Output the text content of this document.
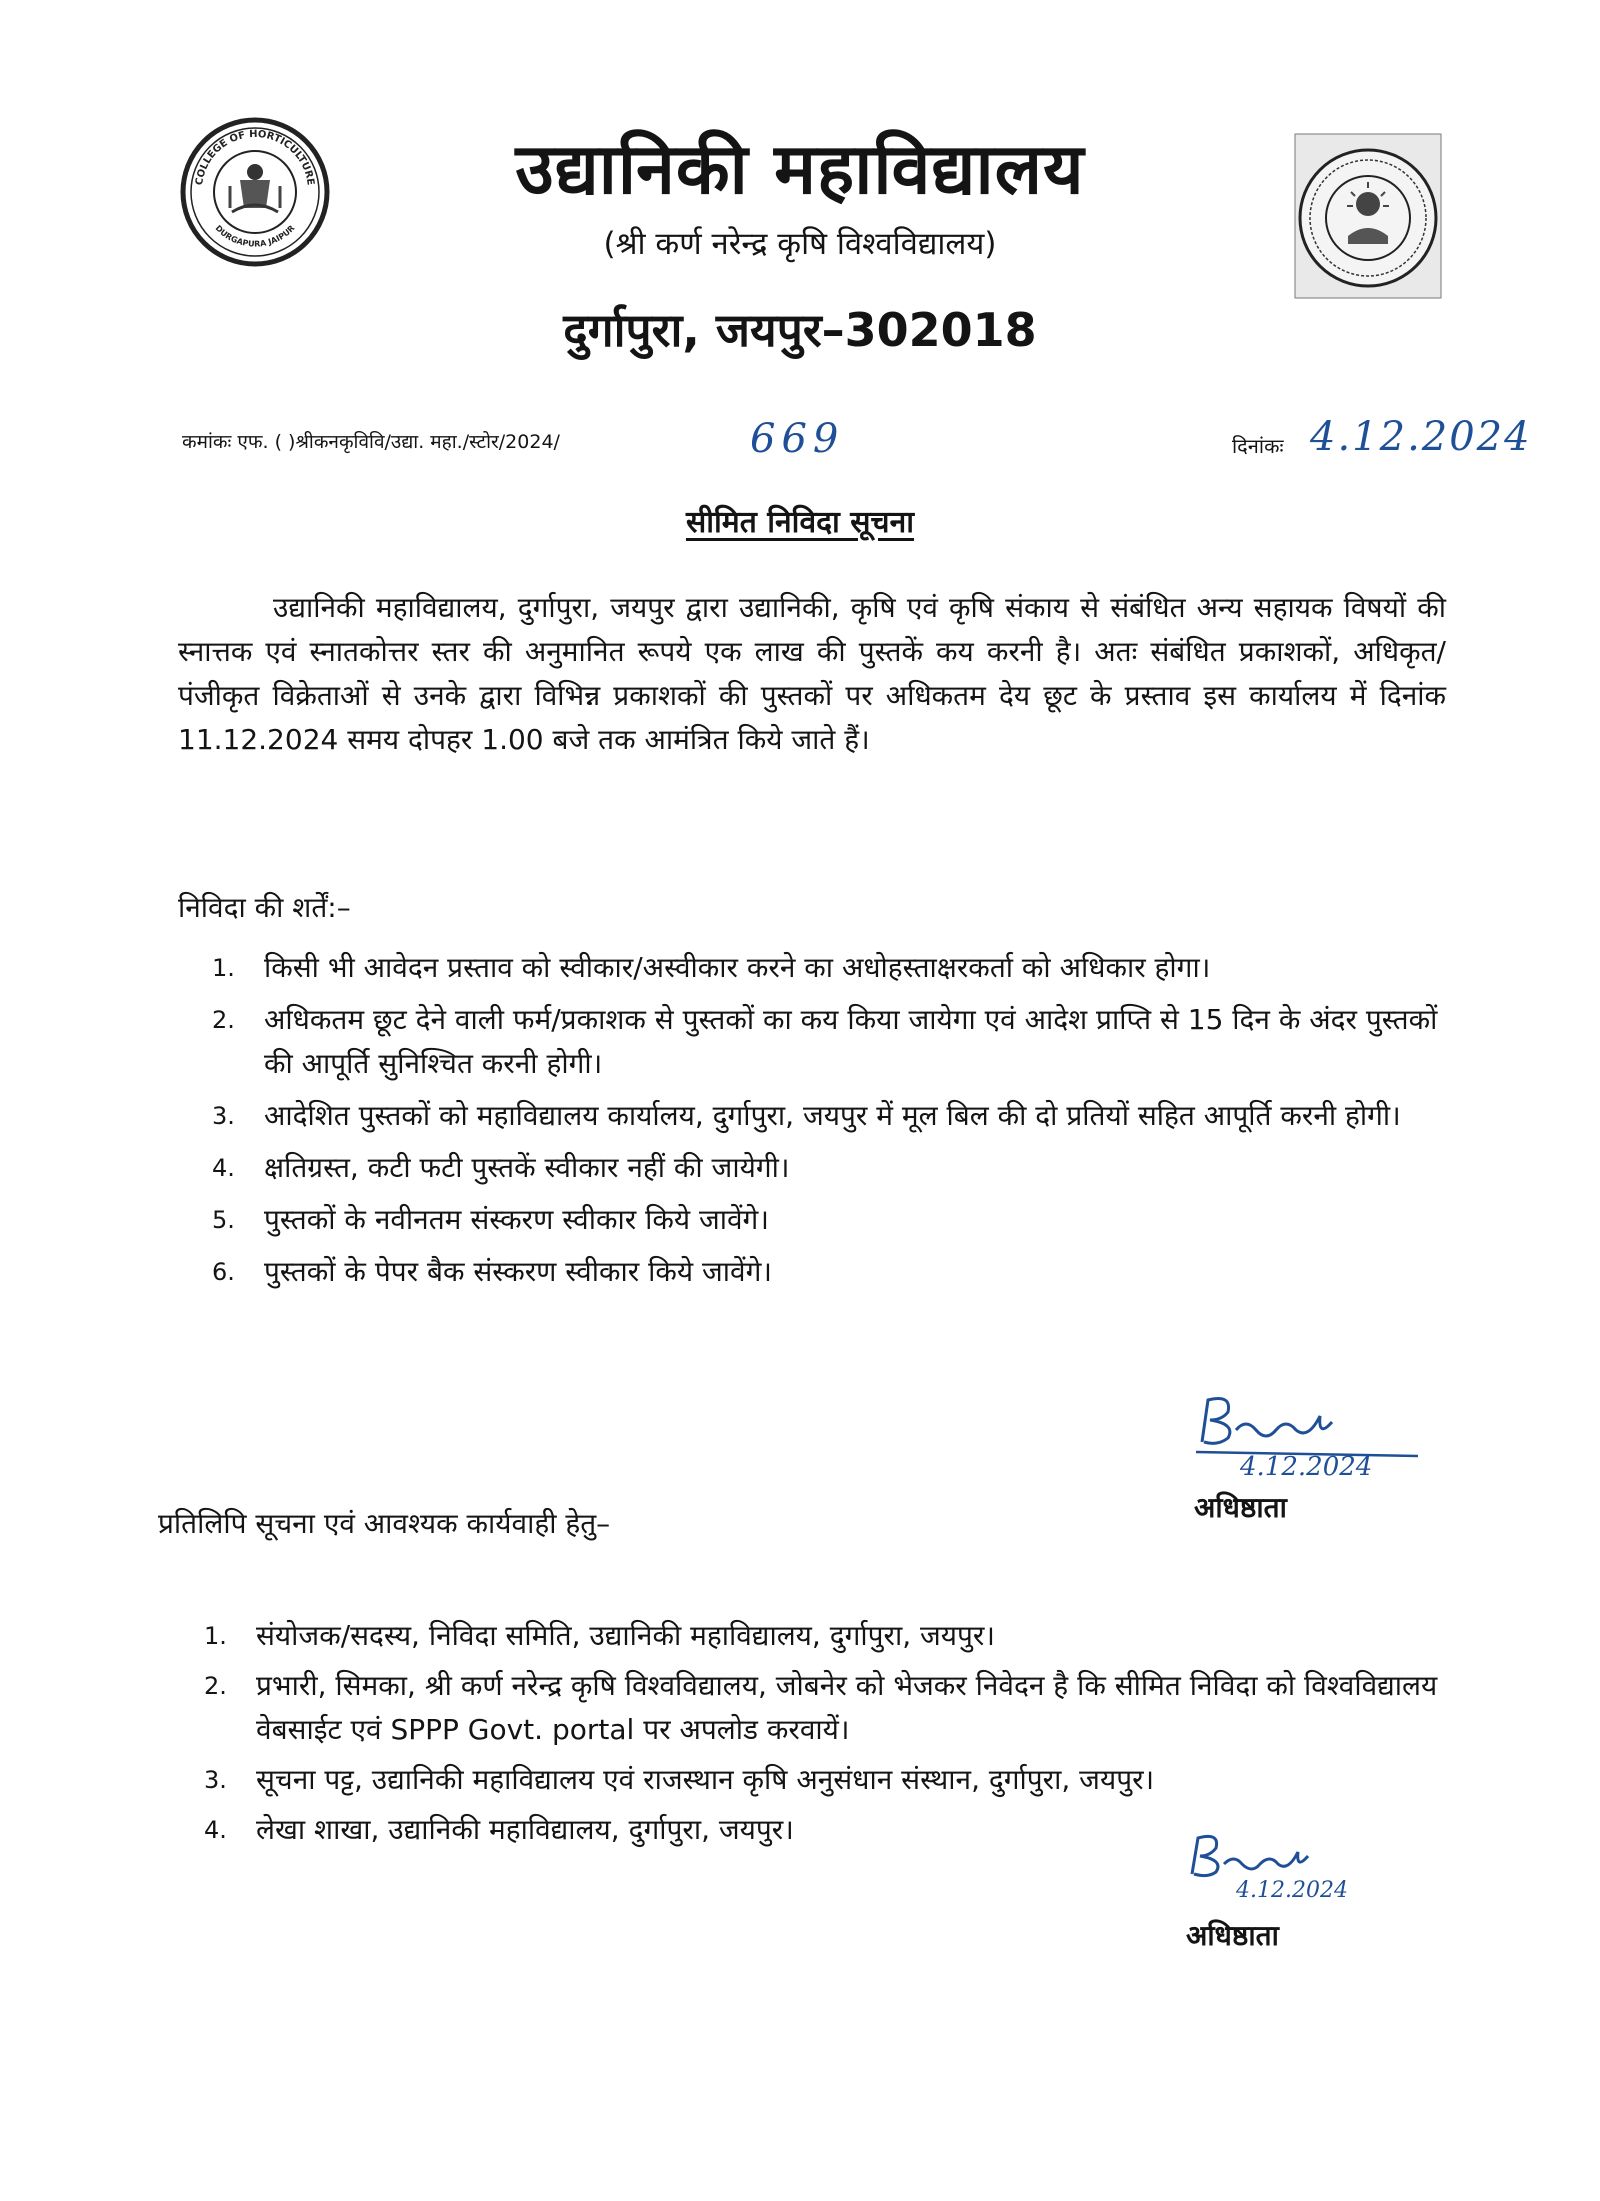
COLLEGE OF HORTICULTURE
DURGAPURA JAIPUR
उद्यानिकी महाविद्यालय
(श्री कर्ण नरेन्द्र कृषि विश्वविद्यालय)
दुर्गापुरा, जयपुर–302018
कमांकः एफ. ( )श्रीकनकृविवि/उद्या. महा./स्टोर/2024/	669	दिनांकः 4.12.2024
सीमित निविदा सूचना
उद्यानिकी महाविद्यालय, दुर्गापुरा, जयपुर द्वारा उद्यानिकी, कृषि एवं कृषि संकाय से संबंधित अन्य सहायक विषयों की स्नात्तक एवं स्नातकोत्तर स्तर की अनुमानित रूपये एक लाख की पुस्तकें कय करनी है। अतः संबंधित प्रकाशकों, अधिकृत/पंजीकृत विक्रेताओं से उनके द्वारा विभिन्न प्रकाशकों की पुस्तकों पर अधिकतम देय छूट के प्रस्ताव इस कार्यालय में दिनांक 11.12.2024 समय दोपहर 1.00 बजे तक आमंत्रित किये जाते हैं।
निविदा की शर्तें:–
1. किसी भी आवेदन प्रस्ताव को स्वीकार/अस्वीकार करने का अधोहस्ताक्षरकर्ता को अधिकार होगा।
2. अधिकतम छूट देने वाली फर्म/प्रकाशक से पुस्तकों का कय किया जायेगा एवं आदेश प्राप्ति से 15 दिन के अंदर पुस्तकों की आपूर्ति सुनिश्चित करनी होगी।
3. आदेशित पुस्तकों को महाविद्यालय कार्यालय, दुर्गापुरा, जयपुर में मूल बिल की दो प्रतियों सहित आपूर्ति करनी होगी।
4. क्षतिग्रस्त, कटी फटी पुस्तकें स्वीकार नहीं की जायेगी।
5. पुस्तकों के नवीनतम संस्करण स्वीकार किये जावेंगे।
6. पुस्तकों के पेपर बैक संस्करण स्वीकार किये जावेंगे।
4.12.2024
अधिष्ठाता
प्रतिलिपि सूचना एवं आवश्यक कार्यवाही हेतु–
1. संयोजक/सदस्य, निविदा समिति, उद्यानिकी महाविद्यालय, दुर्गापुरा, जयपुर।
2. प्रभारी, सिमका, श्री कर्ण नरेन्द्र कृषि विश्वविद्यालय, जोबनेर को भेजकर निवेदन है कि सीमित निविदा को विश्वविद्यालय वेबसाईट एवं SPPP Govt. portal पर अपलोड करवायें।
3. सूचना पट्ट, उद्यानिकी महाविद्यालय एवं राजस्थान कृषि अनुसंधान संस्थान, दुर्गापुरा, जयपुर।
4. लेखा शाखा, उद्यानिकी महाविद्यालय, दुर्गापुरा, जयपुर।
4.12.2024
अधिष्ठाता
